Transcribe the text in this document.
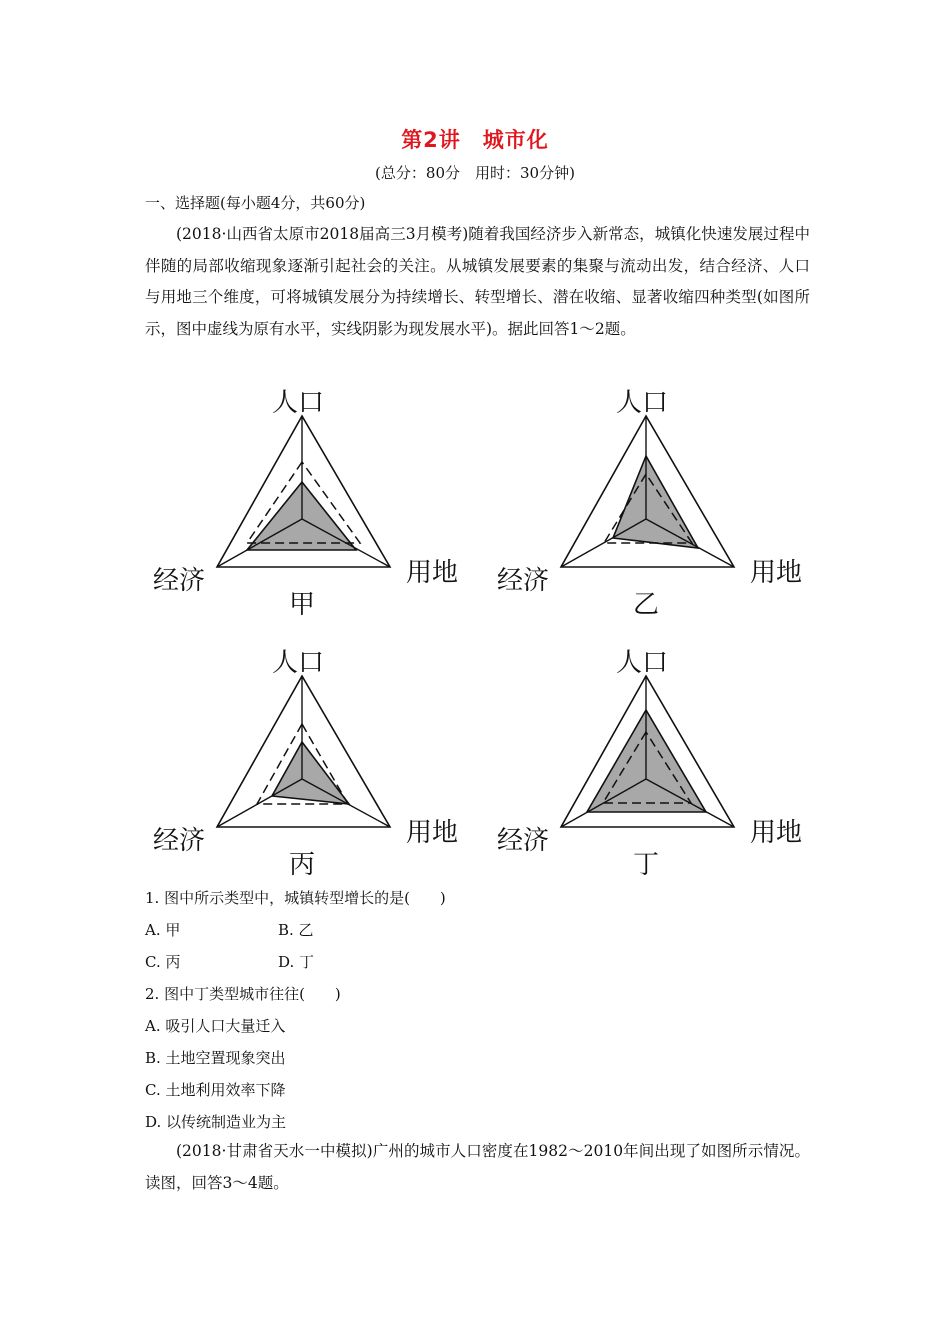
第2讲　城市化
(总分：80分　用时：30分钟)
一、选择题(每小题4分，共60分)
(2018·山西省太原市2018届高三3月模考)随着我国经济步入新常态，城镇化快速发展过程中伴随的局部收缩现象逐渐引起社会的关注。从城镇发展要素的集聚与流动出发，结合经济、人口与用地三个维度，可将城镇发展分为持续增长、转型增长、潜在收缩、显著收缩四种类型(如图所示，图中虚线为原有水平，实线阴影为现发展水平)。据此回答1～2题。
人口
经济	用地
甲
人口
经济	用地
乙
人口
经济	用地
丙
人口
经济	用地
丁
1. 图中所示类型中，城镇转型增长的是(　　)
A. 甲	B. 乙
C. 丙	D. 丁
2. 图中丁类型城市往往(　　)
A. 吸引人口大量迁入
B. 土地空置现象突出
C. 土地利用效率下降
D. 以传统制造业为主
(2018·甘肃省天水一中模拟)广州的城市人口密度在1982～2010年间出现了如图所示情况。读图，回答3～4题。
